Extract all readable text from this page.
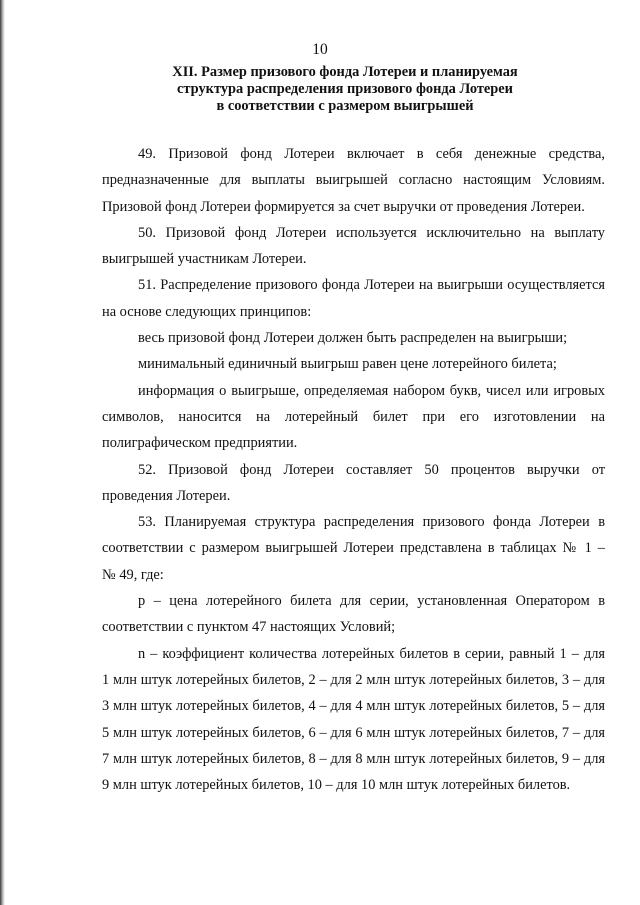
10
XII. Размер призового фонда Лотереи и планируемая
структура распределения призового фонда Лотереи
в соответствии с размером выигрышей
49. Призовой фонд Лотереи включает в себя денежные средства,
предназначенные для выплаты выигрышей согласно настоящим Условиям.
Призовой фонд Лотереи формируется за счет выручки от проведения Лотереи.
50. Призовой фонд Лотереи используется исключительно на выплату
выигрышей участникам Лотереи.
51. Распределение призового фонда Лотереи на выигрыши осуществляется
на основе следующих принципов:
весь призовой фонд Лотереи должен быть распределен на выигрыши;
минимальный единичный выигрыш равен цене лотерейного билета;
информация о выигрыше, определяемая набором букв, чисел или игровых
символов, наносится на лотерейный билет при его изготовлении на
полиграфическом предприятии.
52. Призовой фонд Лотереи составляет 50 процентов выручки от
проведения Лотереи.
53. Планируемая структура распределения призового фонда Лотереи в
соответствии с размером выигрышей Лотереи представлена в таблицах № 1 –
№ 49, где:
p – цена лотерейного билета для серии, установленная Оператором в
соответствии с пунктом 47 настоящих Условий;
n – коэффициент количества лотерейных билетов в серии, равный 1 – для
1 млн штук лотерейных билетов, 2 – для 2 млн штук лотерейных билетов, 3 – для
3 млн штук лотерейных билетов, 4 – для 4 млн штук лотерейных билетов, 5 – для
5 млн штук лотерейных билетов, 6 – для 6 млн штук лотерейных билетов, 7 – для
7 млн штук лотерейных билетов, 8 – для 8 млн штук лотерейных билетов, 9 – для
9 млн штук лотерейных билетов, 10 – для 10 млн штук лотерейных билетов.
